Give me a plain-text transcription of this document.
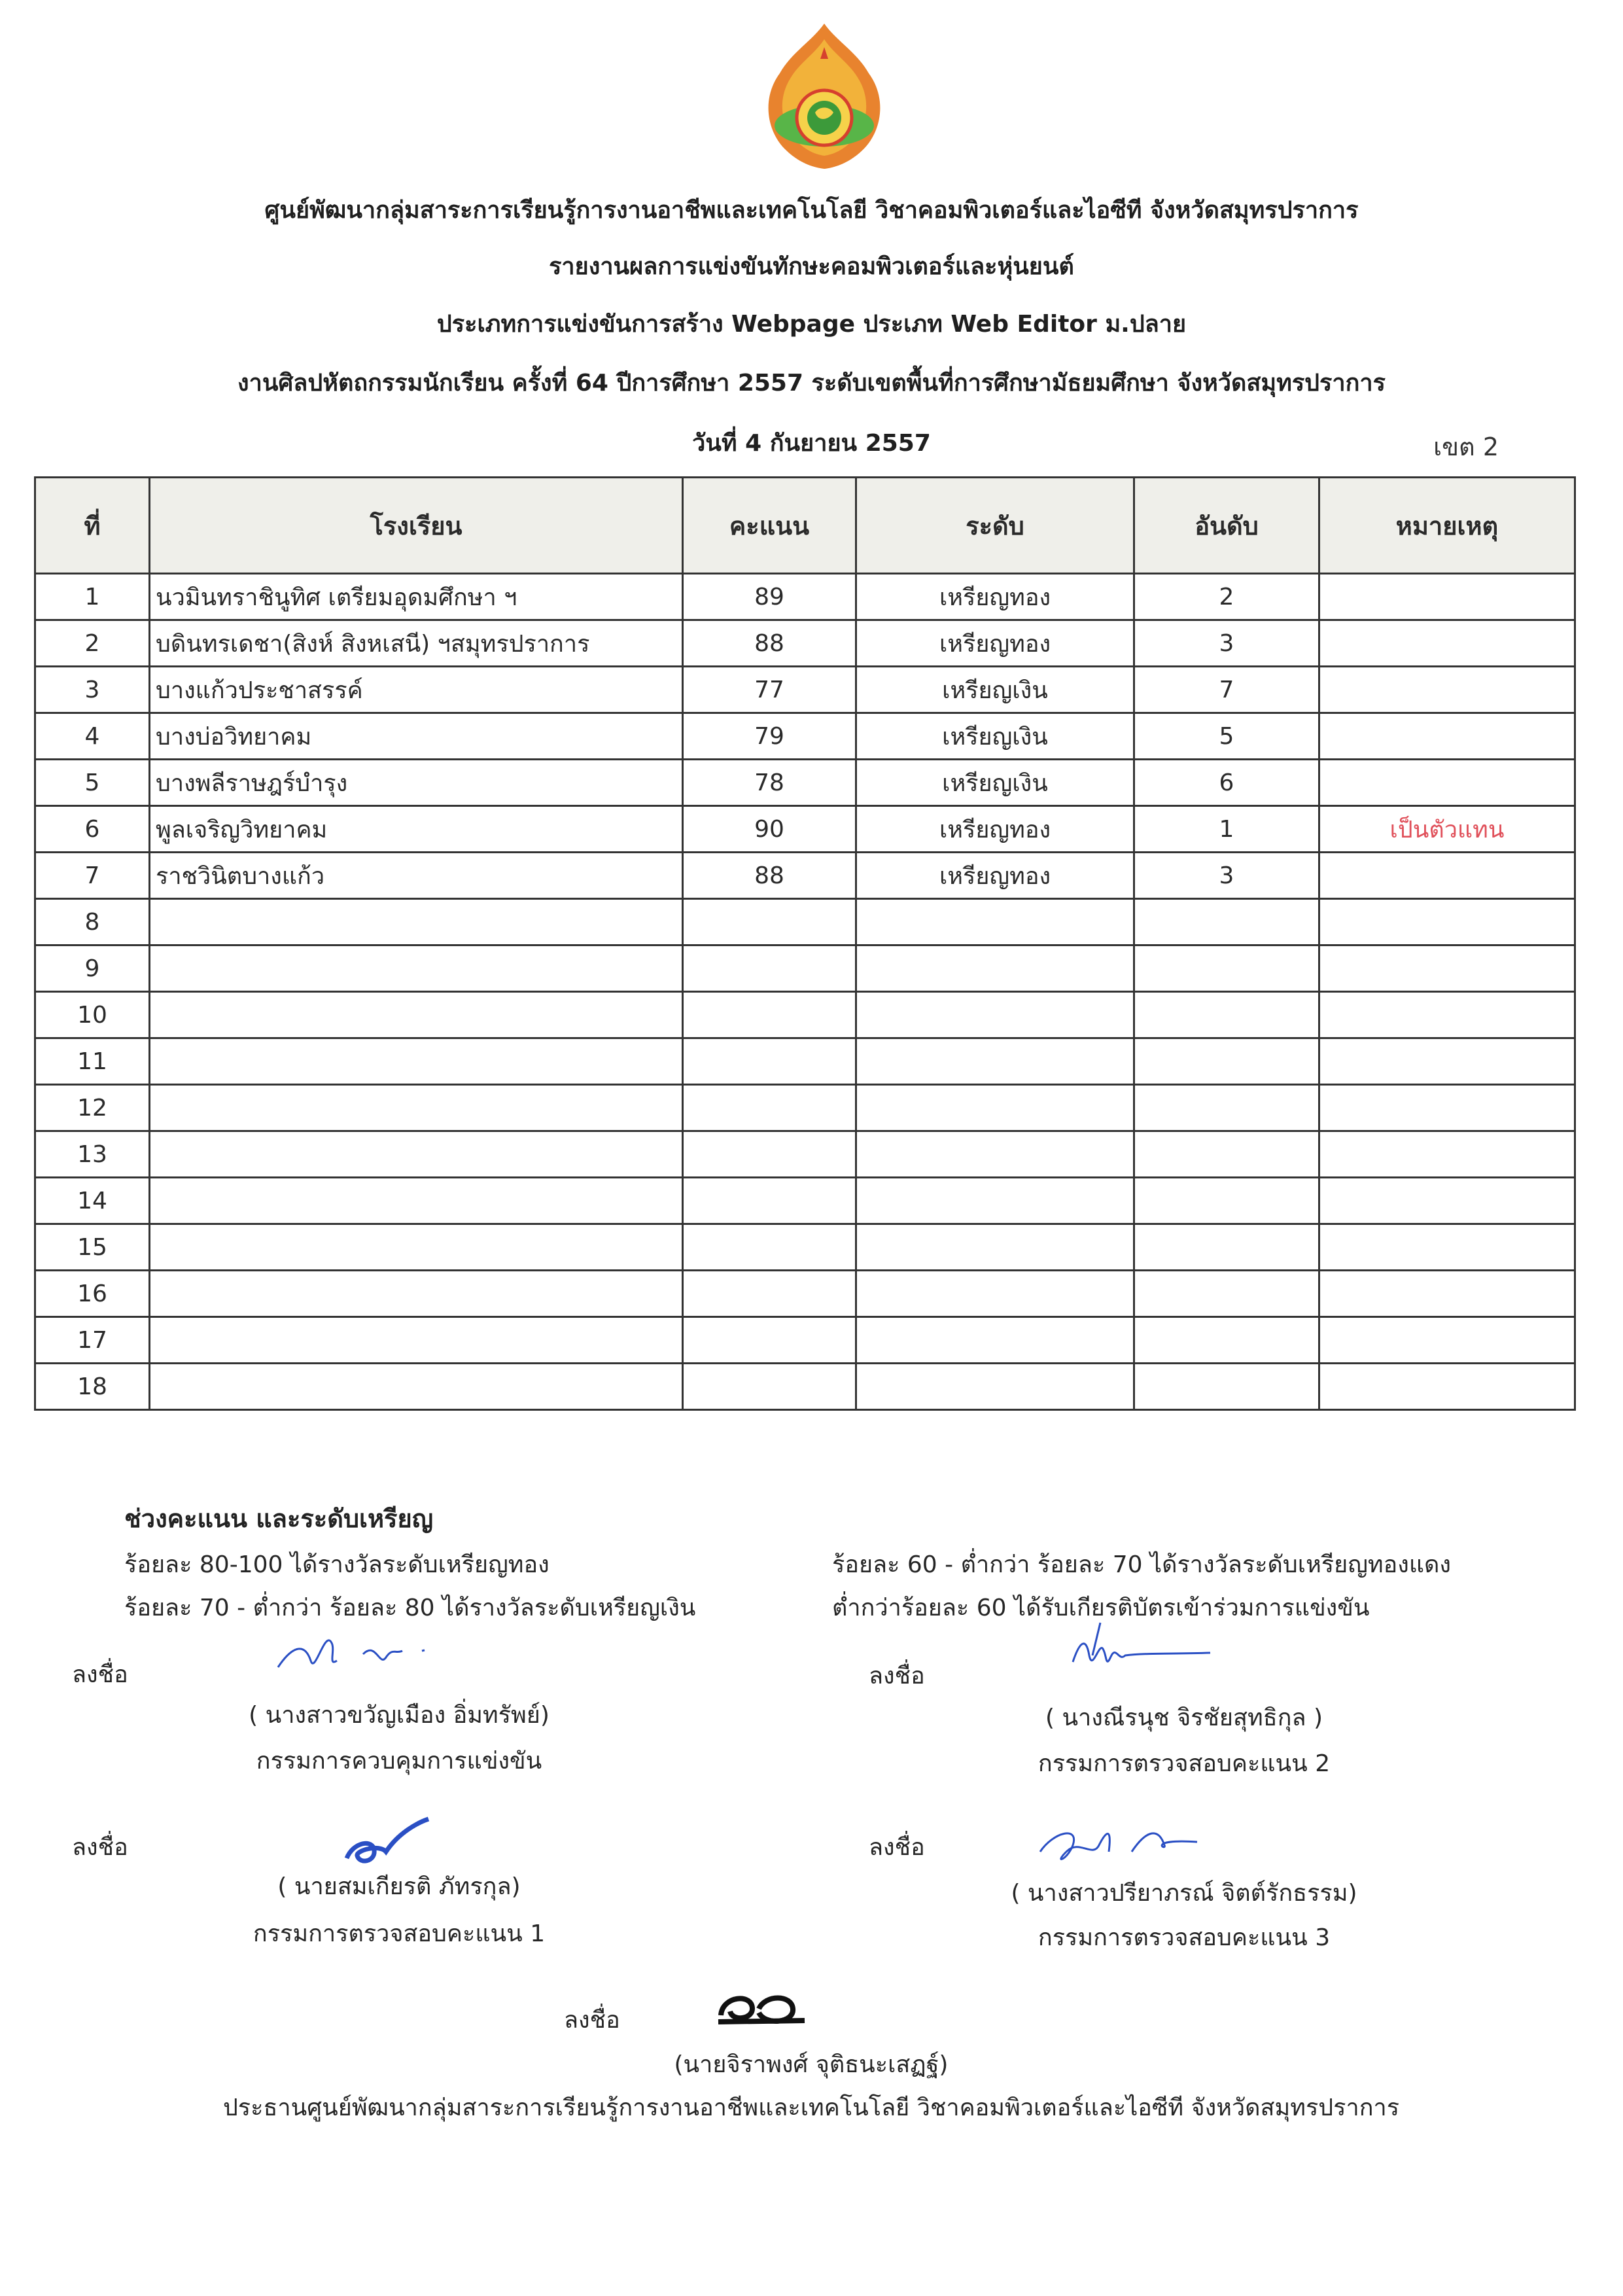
ศูนย์พัฒนากลุ่มสาระการเรียนรู้การงานอาชีพและเทคโนโลยี วิชาคอมพิวเตอร์และไอซีที จังหวัดสมุทรปราการ
รายงานผลการแข่งขันทักษะคอมพิวเตอร์และหุ่นยนต์
ประเภทการแข่งขันการสร้าง Webpage ประเภท Web Editor ม.ปลาย
งานศิลปหัตถกรรมนักเรียน ครั้งที่ 64 ปีการศึกษา 2557 ระดับเขตพื้นที่การศึกษามัธยมศึกษา จังหวัดสมุทรปราการ
วันที่ 4 กันยายน 2557	เขต 2
ที่	โรงเรียน	คะแนน	ระดับ	อันดับ	หมายเหตุ
1	นวมินทราชินูทิศ เตรียมอุดมศึกษา ฯ	89	เหรียญทอง	2	
2	บดินทรเดชา(สิงห์ สิงหเสนี) ฯสมุทรปราการ	88	เหรียญทอง	3	
3	บางแก้วประชาสรรค์	77	เหรียญเงิน	7	
4	บางบ่อวิทยาคม	79	เหรียญเงิน	5	
5	บางพลีราษฎร์บำรุง	78	เหรียญเงิน	6	
6	พูลเจริญวิทยาคม	90	เหรียญทอง	1	เป็นตัวแทน
7	ราชวินิตบางแก้ว	88	เหรียญทอง	3	
8					
9					
10					
11					
12					
13					
14					
15					
16					
17					
18					
ช่วงคะแนน และระดับเหรียญ
ร้อยละ 80-100 ได้รางวัลระดับเหรียญทอง
ร้อยละ 70 - ต่ำกว่า ร้อยละ 80 ได้รางวัลระดับเหรียญเงิน
ร้อยละ 60 - ต่ำกว่า ร้อยละ 70 ได้รางวัลระดับเหรียญทองแดง
ต่ำกว่าร้อยละ 60 ได้รับเกียรติบัตรเข้าร่วมการแข่งขัน
ลงชื่อ
( นางสาวขวัญเมือง อิ่มทรัพย์)
กรรมการควบคุมการแข่งขัน
ลงชื่อ
( นางณีรนุช จิรชัยสุทธิกุล )
กรรมการตรวจสอบคะแนน 2
ลงชื่อ
( นายสมเกียรติ ภัทรกุล)
กรรมการตรวจสอบคะแนน 1
ลงชื่อ
( นางสาวปรียาภรณ์ จิตต์รักธรรม)
กรรมการตรวจสอบคะแนน 3
ลงชื่อ
(นายจิราพงศ์ จุติธนะเสฏฐ์)
ประธานศูนย์พัฒนากลุ่มสาระการเรียนรู้การงานอาชีพและเทคโนโลยี วิชาคอมพิวเตอร์และไอซีที จังหวัดสมุทรปราการ
